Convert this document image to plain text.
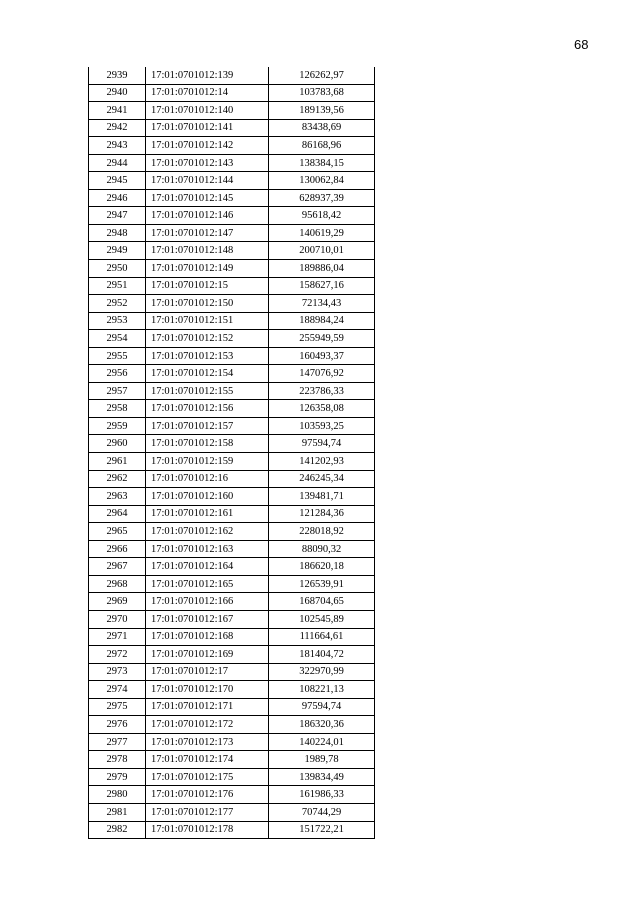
68
2939	17:01:0701012:139	126262,97
2940	17:01:0701012:14	103783,68
2941	17:01:0701012:140	189139,56
2942	17:01:0701012:141	83438,69
2943	17:01:0701012:142	86168,96
2944	17:01:0701012:143	138384,15
2945	17:01:0701012:144	130062,84
2946	17:01:0701012:145	628937,39
2947	17:01:0701012:146	95618,42
2948	17:01:0701012:147	140619,29
2949	17:01:0701012:148	200710,01
2950	17:01:0701012:149	189886,04
2951	17:01:0701012:15	158627,16
2952	17:01:0701012:150	72134,43
2953	17:01:0701012:151	188984,24
2954	17:01:0701012:152	255949,59
2955	17:01:0701012:153	160493,37
2956	17:01:0701012:154	147076,92
2957	17:01:0701012:155	223786,33
2958	17:01:0701012:156	126358,08
2959	17:01:0701012:157	103593,25
2960	17:01:0701012:158	97594,74
2961	17:01:0701012:159	141202,93
2962	17:01:0701012:16	246245,34
2963	17:01:0701012:160	139481,71
2964	17:01:0701012:161	121284,36
2965	17:01:0701012:162	228018,92
2966	17:01:0701012:163	88090,32
2967	17:01:0701012:164	186620,18
2968	17:01:0701012:165	126539,91
2969	17:01:0701012:166	168704,65
2970	17:01:0701012:167	102545,89
2971	17:01:0701012:168	111664,61
2972	17:01:0701012:169	181404,72
2973	17:01:0701012:17	322970,99
2974	17:01:0701012:170	108221,13
2975	17:01:0701012:171	97594,74
2976	17:01:0701012:172	186320,36
2977	17:01:0701012:173	140224,01
2978	17:01:0701012:174	1989,78
2979	17:01:0701012:175	139834,49
2980	17:01:0701012:176	161986,33
2981	17:01:0701012:177	70744,29
2982	17:01:0701012:178	151722,21
